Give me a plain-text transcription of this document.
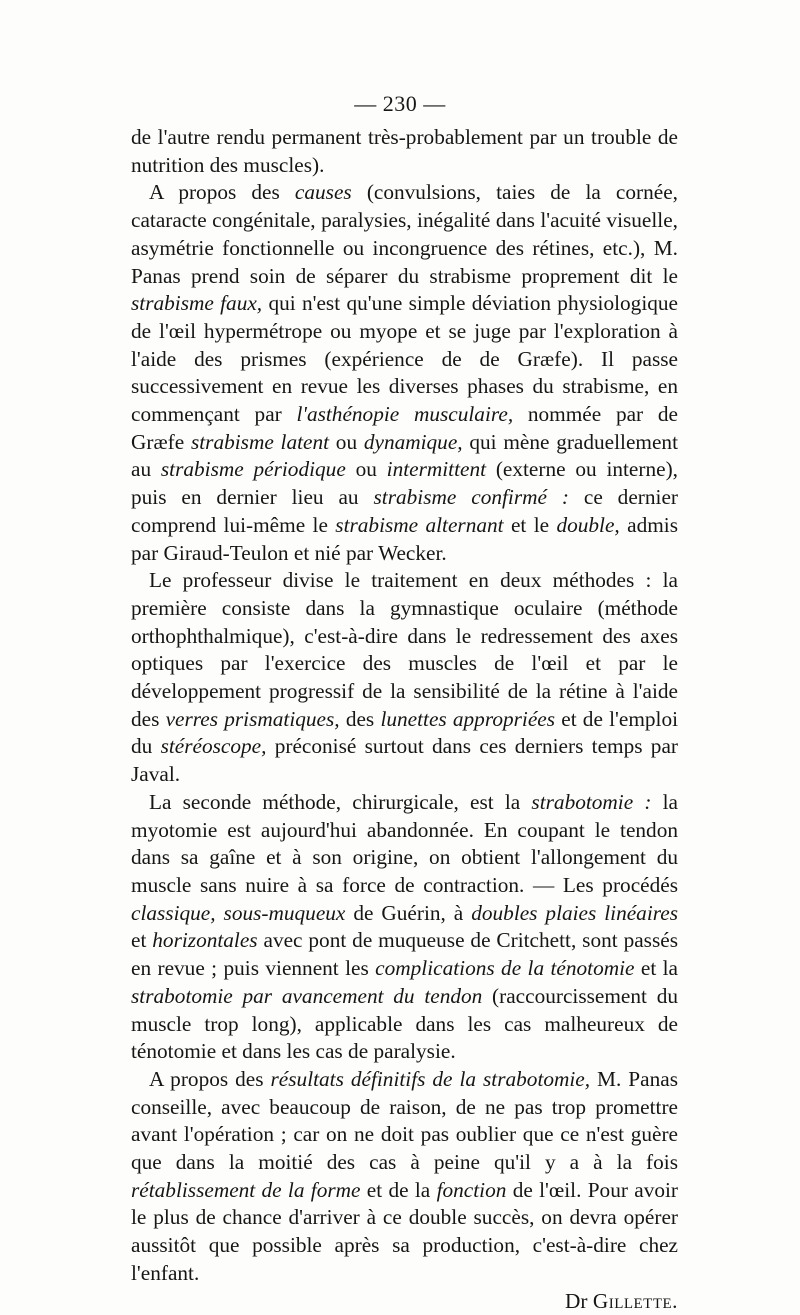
— 230 —

de l'autre rendu permanent très-probablement par un trouble de nutrition des muscles).

A propos des causes (convulsions, taies de la cornée, cataracte congénitale, paralysies, inégalité dans l'acuité visuelle, asymétrie fonctionnelle ou incongruence des rétines, etc.), M. Panas prend soin de séparer du strabisme proprement dit le strabisme faux, qui n'est qu'une simple déviation physiologique de l'œil hypermétrope ou myope et se juge par l'exploration à l'aide des prismes (expérience de de Græfe). Il passe successivement en revue les diverses phases du strabisme, en commençant par l'asthénopie musculaire, nommée par de Græfe strabisme latent ou dynamique, qui mène graduellement au strabisme périodique ou intermittent (externe ou interne), puis en dernier lieu au strabisme confirmé : ce dernier comprend lui-même le strabisme alternant et le double, admis par Giraud-Teulon et nié par Wecker.

Le professeur divise le traitement en deux méthodes : la première consiste dans la gymnastique oculaire (méthode orthophthalmique), c'est-à-dire dans le redressement des axes optiques par l'exercice des muscles de l'œil et par le développement progressif de la sensibilité de la rétine à l'aide des verres prismatiques, des lunettes appropriées et de l'emploi du stéréoscope, préconisé surtout dans ces derniers temps par Javal.

La seconde méthode, chirurgicale, est la strabotomie : la myotomie est aujourd'hui abandonnée. En coupant le tendon dans sa gaîne et à son origine, on obtient l'allongement du muscle sans nuire à sa force de contraction. — Les procédés classique, sous-muqueux de Guérin, à doubles plaies linéaires et horizontales avec pont de muqueuse de Critchett, sont passés en revue ; puis viennent les complications de la ténotomie et la strabotomie par avancement du tendon (raccourcissement du muscle trop long), applicable dans les cas malheureux de ténotomie et dans les cas de paralysie.

A propos des résultats définitifs de la strabotomie, M. Panas conseille, avec beaucoup de raison, de ne pas trop promettre avant l'opération ; car on ne doit pas oublier que ce n'est guère que dans la moitié des cas à peine qu'il y a à la fois rétablissement de la forme et de la fonction de l'œil. Pour avoir le plus de chance d'arriver à ce double succès, on devra opérer aussitôt que possible après sa production, c'est-à-dire chez l'enfant.

Dr Gillette.
